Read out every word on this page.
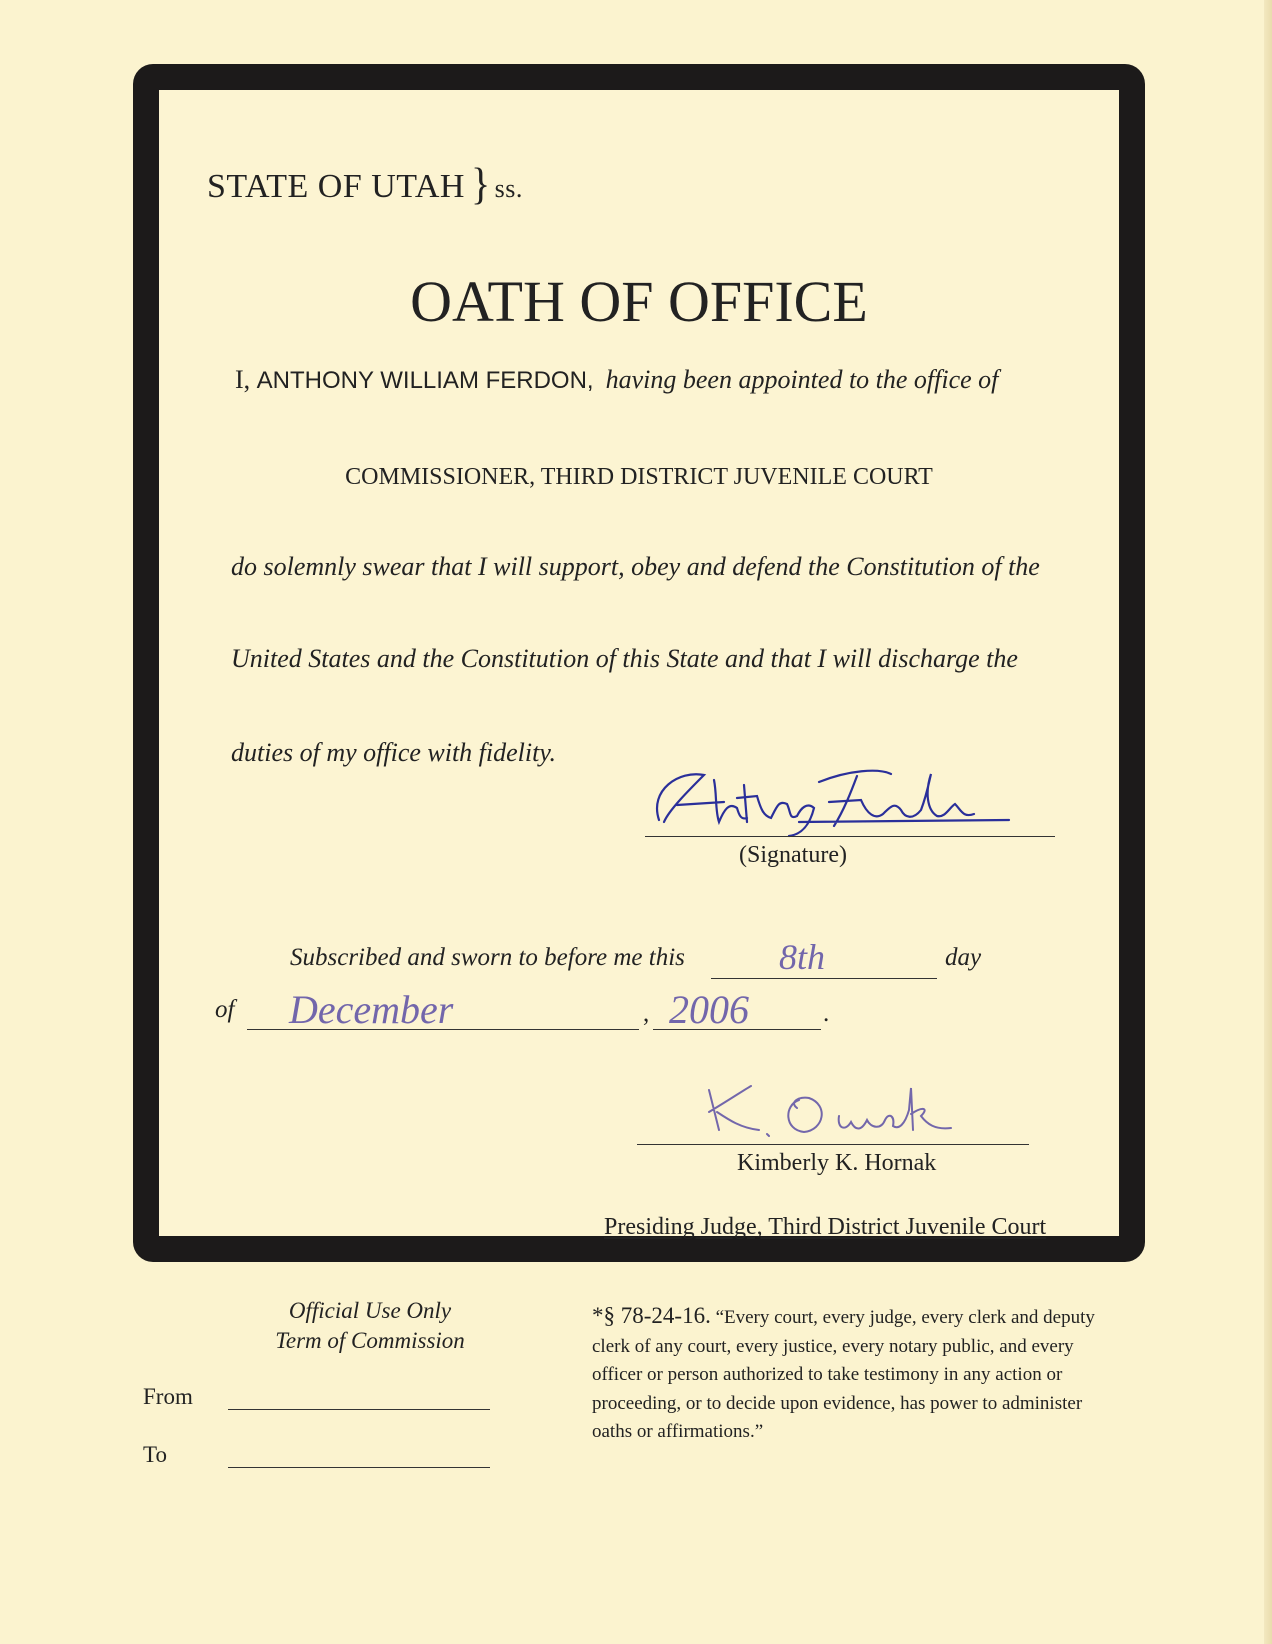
STATE OF UTAH } ss.
OATH OF OFFICE
I, ANTHONY WILLIAM FERDON, having been appointed to the office of
COMMISSIONER, THIRD DISTRICT JUVENILE COURT
do solemnly swear that I will support, obey and defend the Constitution of the
United States and the Constitution of this State and that I will discharge the
duties of my office with fidelity.
(Signature)
Subscribed and sworn to before me this	8th	day
of December	, 2006	.
Kimberly K. Hornak
Presiding Judge, Third District Juvenile Court
Official Use Only
Term of Commission
From
To
*§ 78-24-16. “Every court, every judge, every clerk and deputy clerk of any court, every justice, every notary public, and every officer or person authorized to take testimony in any action or proceeding, or to decide upon evidence, has power to administer oaths or affirmations.”
